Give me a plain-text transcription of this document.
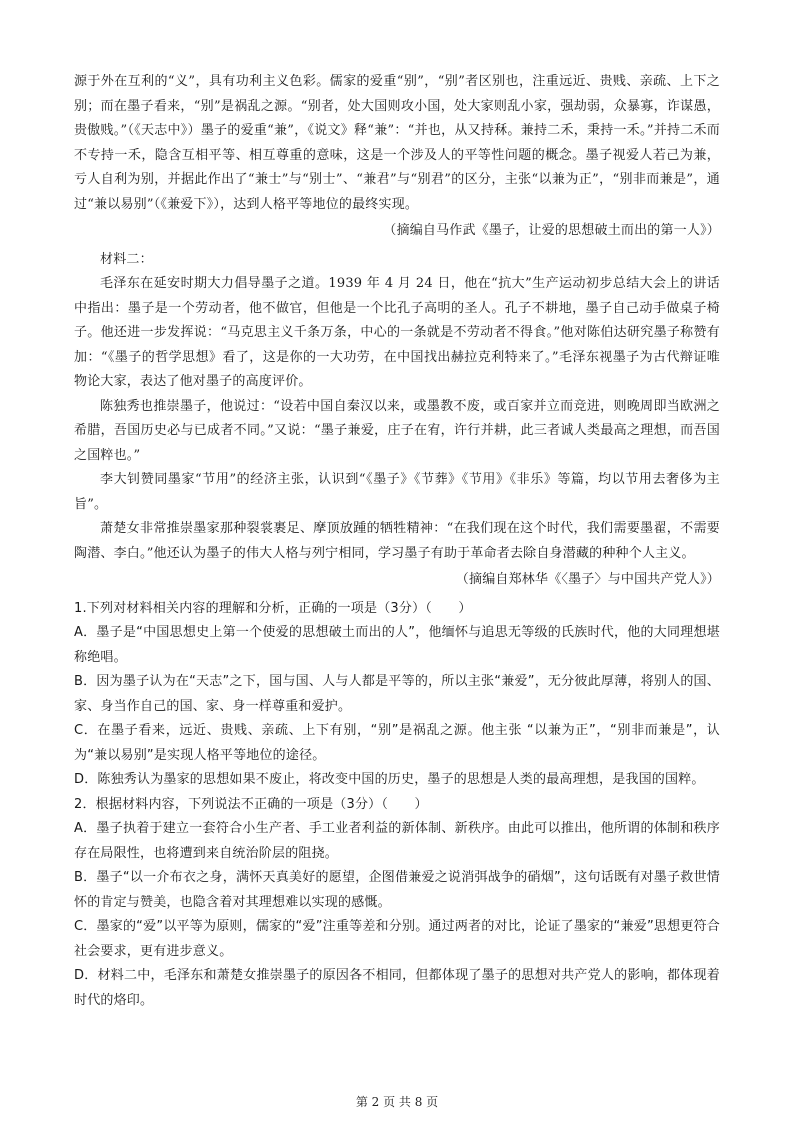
源于外在互利的“义”，具有功利主义色彩。儒家的爱重“别”，“别”者区别也，注重远近、贵贱、亲疏、上下之别；而在墨子看来，“别”是祸乱之源。“别者，处大国则攻小国，处大家则乱小家，强劫弱，众暴寡，诈谋愚，贵傲贱。”（《天志中》）墨子的爱重“兼”，《说文》释“兼”：“并也，从又持秝。兼持二禾，秉持一禾。”并持二禾而不专持一禾，隐含互相平等、相互尊重的意味，这是一个涉及人的平等性问题的概念。墨子视爱人若己为兼，亏人自利为别，并据此作出了“兼士”与“别士”、“兼君”与“别君”的区分，主张“以兼为正”，“别非而兼是”，通过“兼以易别”（《兼爱下》），达到人格平等地位的最终实现。

（摘编自马作武《墨子，让爱的思想破土而出的第一人》）

材料二：

毛泽东在延安时期大力倡导墨子之道。1939 年 4 月 24 日，他在“抗大”生产运动初步总结大会上的讲话中指出：墨子是一个劳动者，他不做官，但他是一个比孔子高明的圣人。孔子不耕地，墨子自己动手做桌子椅子。他还进一步发挥说：“马克思主义千条万条，中心的一条就是不劳动者不得食。”他对陈伯达研究墨子称赞有加：“《墨子的哲学思想》看了，这是你的一大功劳，在中国找出赫拉克利特来了。”毛泽东视墨子为古代辩证唯物论大家，表达了他对墨子的高度评价。

陈独秀也推崇墨子，他说过：“设若中国自秦汉以来，或墨教不废，或百家并立而竞进，则晚周即当欧洲之希腊，吾国历史必与已成者不同。”又说：“墨子兼爱，庄子在宥，许行并耕，此三者诚人类最高之理想，而吾国之国粹也。”

李大钊赞同墨家“节用”的经济主张，认识到“《墨子》《节葬》《节用》《非乐》等篇，均以节用去奢侈为主旨”。

萧楚女非常推崇墨家那种裂裳裹足、摩顶放踵的牺牲精神：“在我们现在这个时代，我们需要墨翟，不需要陶潜、李白。”他还认为墨子的伟大人格与列宁相同，学习墨子有助于革命者去除自身潜藏的种种个人主义。

（摘编自郑林华《〈墨子〉与中国共产党人》）

1.下列对材料相关内容的理解和分析，正确的一项是（3分）（　　）

A．墨子是“中国思想史上第一个使爱的思想破土而出的人”，他缅怀与追思无等级的氏族时代，他的大同理想堪称绝唱。

B．因为墨子认为在“天志”之下，国与国、人与人都是平等的，所以主张“兼爱”，无分彼此厚薄，将别人的国、家、身当作自己的国、家、身一样尊重和爱护。

C．在墨子看来，远近、贵贱、亲疏、上下有别，“别”是祸乱之源。他主张 “以兼为正”，“别非而兼是”，认为“兼以易别”是实现人格平等地位的途径。

D．陈独秀认为墨家的思想如果不废止，将改变中国的历史，墨子的思想是人类的最高理想，是我国的国粹。

2．根据材料内容，下列说法不正确的一项是（3分）（　　）

A．墨子执着于建立一套符合小生产者、手工业者利益的新体制、新秩序。由此可以推出，他所谓的体制和秩序存在局限性，也将遭到来自统治阶层的阻挠。

B．墨子“以一介布衣之身，满怀天真美好的愿望，企图借兼爱之说消弭战争的硝烟”，这句话既有对墨子救世情怀的肯定与赞美，也隐含着对其理想难以实现的感慨。

C．墨家的“爱”以平等为原则，儒家的“爱”注重等差和分别。通过两者的对比，论证了墨家的“兼爱”思想更符合社会要求，更有进步意义。

D．材料二中，毛泽东和萧楚女推崇墨子的原因各不相同，但都体现了墨子的思想对共产党人的影响，都体现着时代的烙印。

第 2 页 共 8 页
